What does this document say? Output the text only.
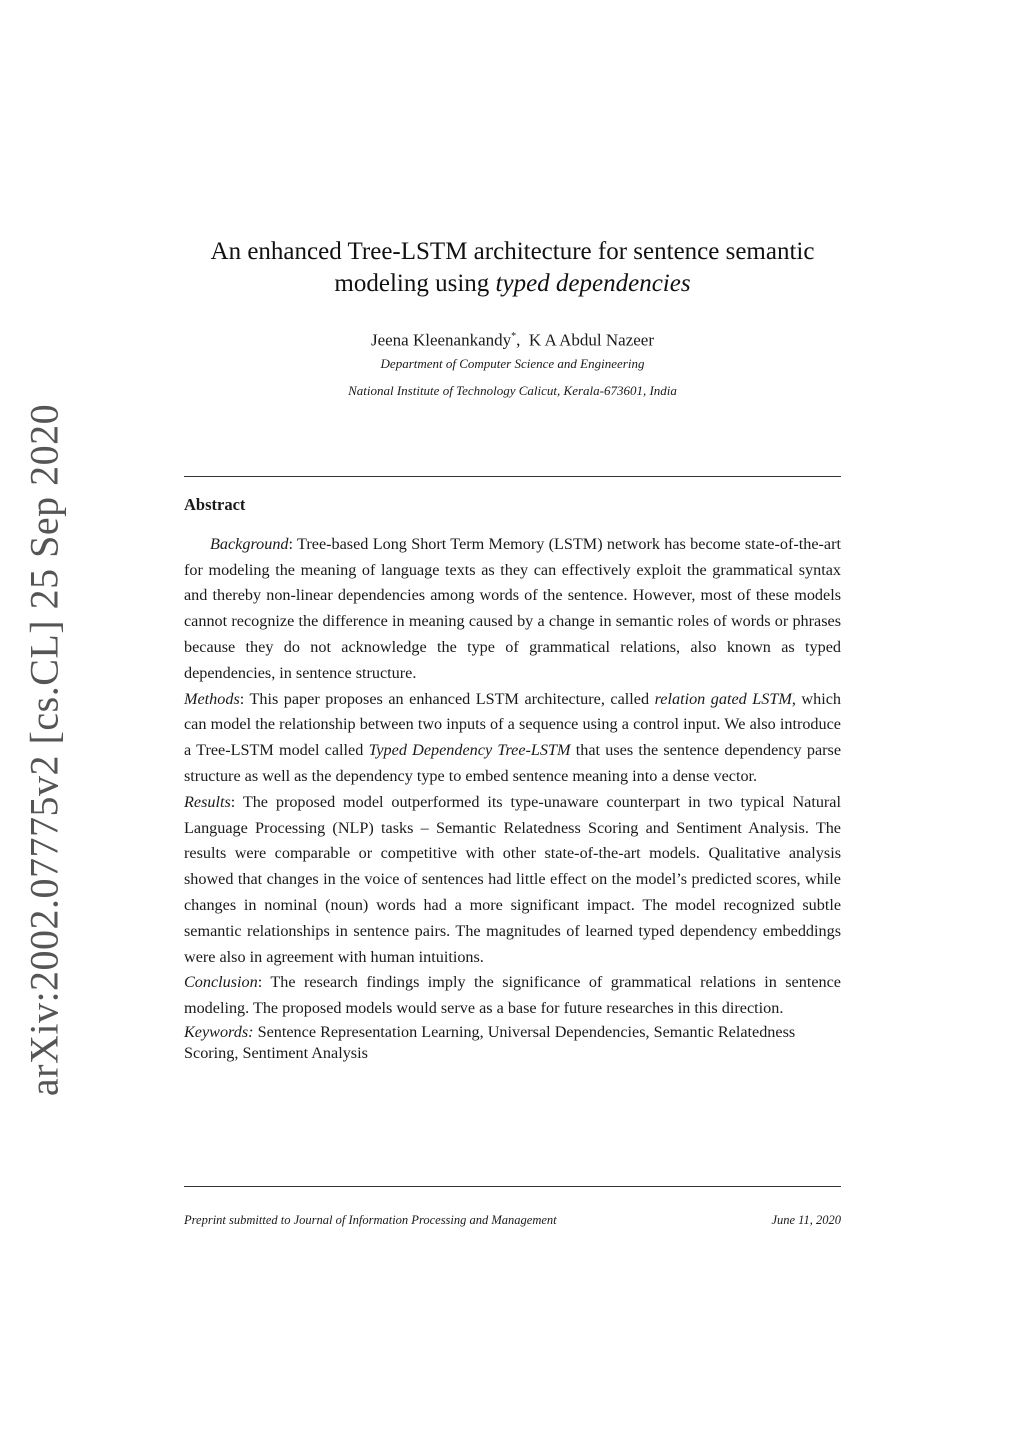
arXiv:2002.07775v2 [cs.CL] 25 Sep 2020
An enhanced Tree-LSTM architecture for sentence semantic
modeling using typed dependencies
Jeena Kleenankandy*, K A Abdul Nazeer
Department of Computer Science and Engineering
National Institute of Technology Calicut, Kerala-673601, India
Abstract

Background: Tree-based Long Short Term Memory (LSTM) network has become state-of-the-art for modeling the meaning of language texts as they can effectively exploit the grammatical syntax and thereby non-linear dependencies among words of the sentence. However, most of these models cannot recognize the difference in meaning caused by a change in semantic roles of words or phrases because they do not acknowledge the type of grammatical relations, also known as typed dependencies, in sentence structure.

Methods: This paper proposes an enhanced LSTM architecture, called relation gated LSTM, which can model the relationship between two inputs of a sequence using a control input. We also introduce a Tree-LSTM model called Typed Dependency Tree-LSTM that uses the sentence dependency parse structure as well as the dependency type to embed sentence meaning into a dense vector.

Results: The proposed model outperformed its type-unaware counterpart in two typical Natural Language Processing (NLP) tasks – Semantic Relatedness Scoring and Sentiment Analysis. The results were comparable or competitive with other state-of-the-art models. Qualitative analysis showed that changes in the voice of sentences had little effect on the model’s predicted scores, while changes in nominal (noun) words had a more significant impact. The model recognized subtle semantic relationships in sentence pairs. The magnitudes of learned typed dependency embeddings were also in agreement with human intuitions.

Conclusion: The research findings imply the significance of grammatical relations in sentence modeling. The proposed models would serve as a base for future researches in this direction.

Keywords: Sentence Representation Learning, Universal Dependencies, Semantic Relatedness Scoring, Sentiment Analysis

Preprint submitted to Journal of Information Processing and Management	June 11, 2020
